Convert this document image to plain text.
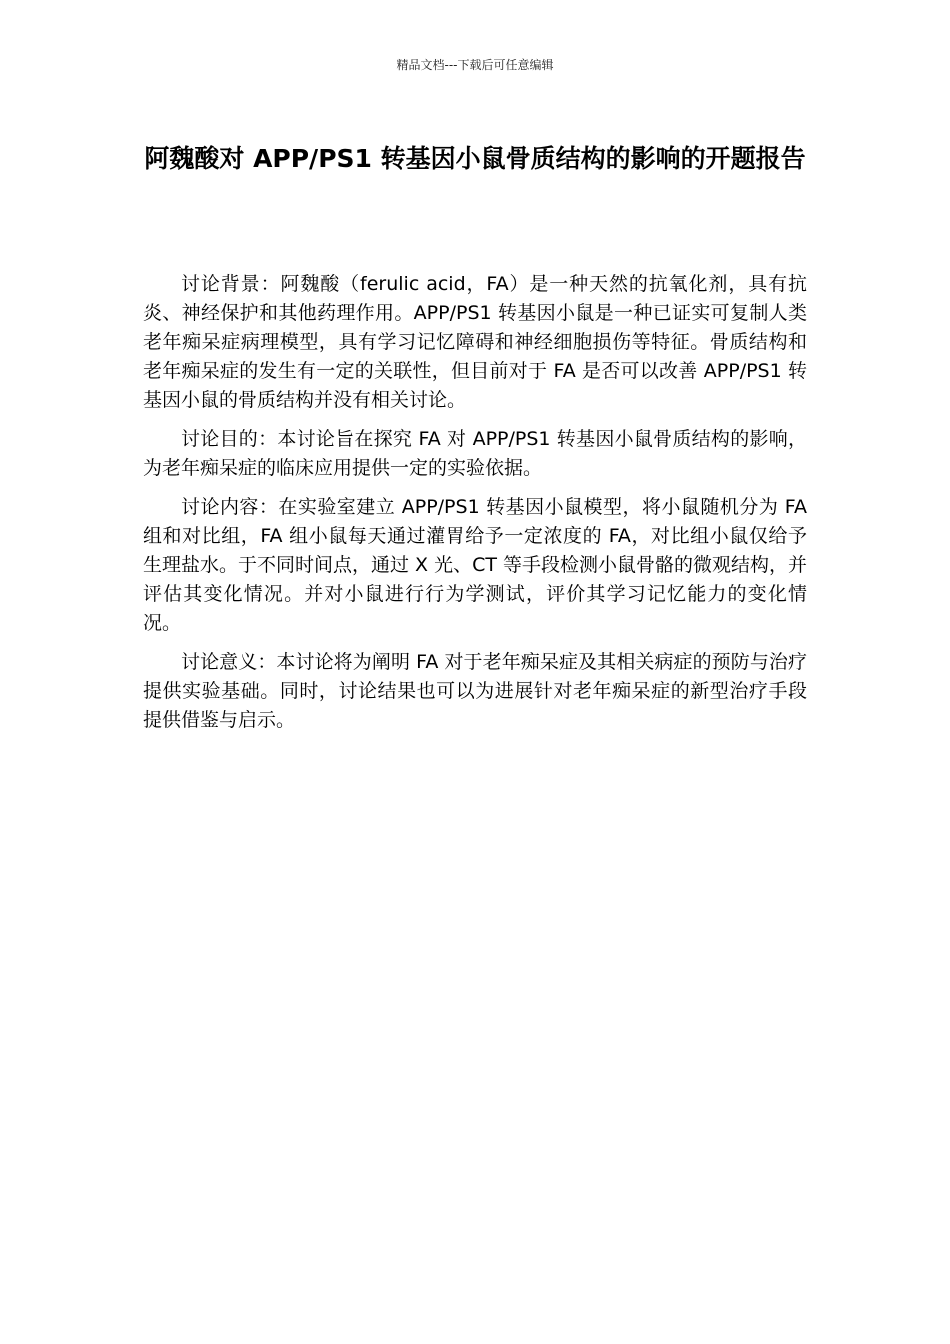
精品文档---下载后可任意编辑
阿魏酸对 APP/PS1 转基因小鼠骨质结构的影响的开题报告

讨论背景：阿魏酸（ferulic acid，FA）是一种天然的抗氧化剂，具有抗炎、神经保护和其他药理作用。APP/PS1 转基因小鼠是一种已证实可复制人类老年痴呆症病理模型，具有学习记忆障碍和神经细胞损伤等特征。骨质结构和老年痴呆症的发生有一定的关联性，但目前对于 FA 是否可以改善 APP/PS1 转基因小鼠的骨质结构并没有相关讨论。

讨论目的：本讨论旨在探究 FA 对 APP/PS1 转基因小鼠骨质结构的影响，为老年痴呆症的临床应用提供一定的实验依据。

讨论内容：在实验室建立 APP/PS1 转基因小鼠模型，将小鼠随机分为 FA 组和对比组，FA 组小鼠每天通过灌胃给予一定浓度的 FA，对比组小鼠仅给予生理盐水。于不同时间点，通过 X 光、CT 等手段检测小鼠骨骼的微观结构，并评估其变化情况。并对小鼠进行行为学测试，评价其学习记忆能力的变化情况。

讨论意义：本讨论将为阐明 FA 对于老年痴呆症及其相关病症的预防与治疗提供实验基础。同时，讨论结果也可以为进展针对老年痴呆症的新型治疗手段提供借鉴与启示。
